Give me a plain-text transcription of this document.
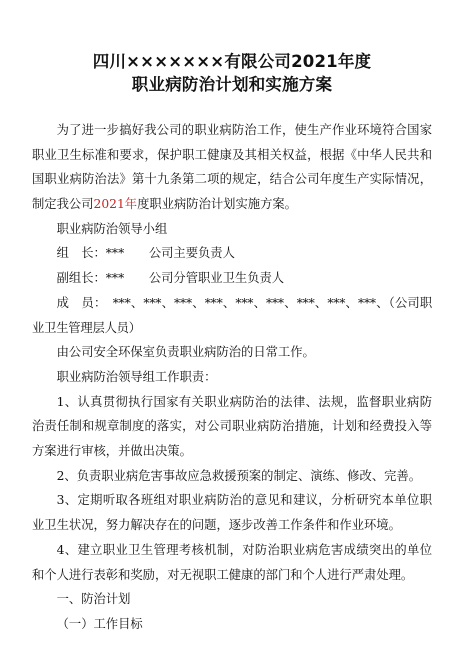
四川×××××××有限公司2021年度
职业病防治计划和实施方案

为了进一步搞好我公司的职业病防治工作，使生产作业环境符合国家职业卫生标准和要求，保护职工健康及其相关权益，根据《中华人民共和国职业病防治法》第十九条第二项的规定，结合公司年度生产实际情况，制定我公司2021年度职业病防治计划实施方案。

职业病防治领导小组

组　长：***　　公司主要负责人

副组长：***　　公司分管职业卫生负责人

成　员：　***、***、***、***、***、***、***、***、***、（公司职业卫生管理层人员）

由公司安全环保室负责职业病防治的日常工作。

职业病防治领导组工作职责：

1、认真贯彻执行国家有关职业病防治的法律、法规，监督职业病防治责任制和规章制度的落实，对公司职业病防治措施，计划和经费投入等方案进行审核，并做出决策。

2、负责职业病危害事故应急救援预案的制定、演练、修改、完善。

3、定期听取各班组对职业病防治的意见和建议，分析研究本单位职业卫生状况，努力解决存在的问题，逐步改善工作条件和作业环境。

4、建立职业卫生管理考核机制，对防治职业病危害成绩突出的单位和个人进行表彰和奖励，对无视职工健康的部门和个人进行严肃处理。

一、防治计划

（一）工作目标
